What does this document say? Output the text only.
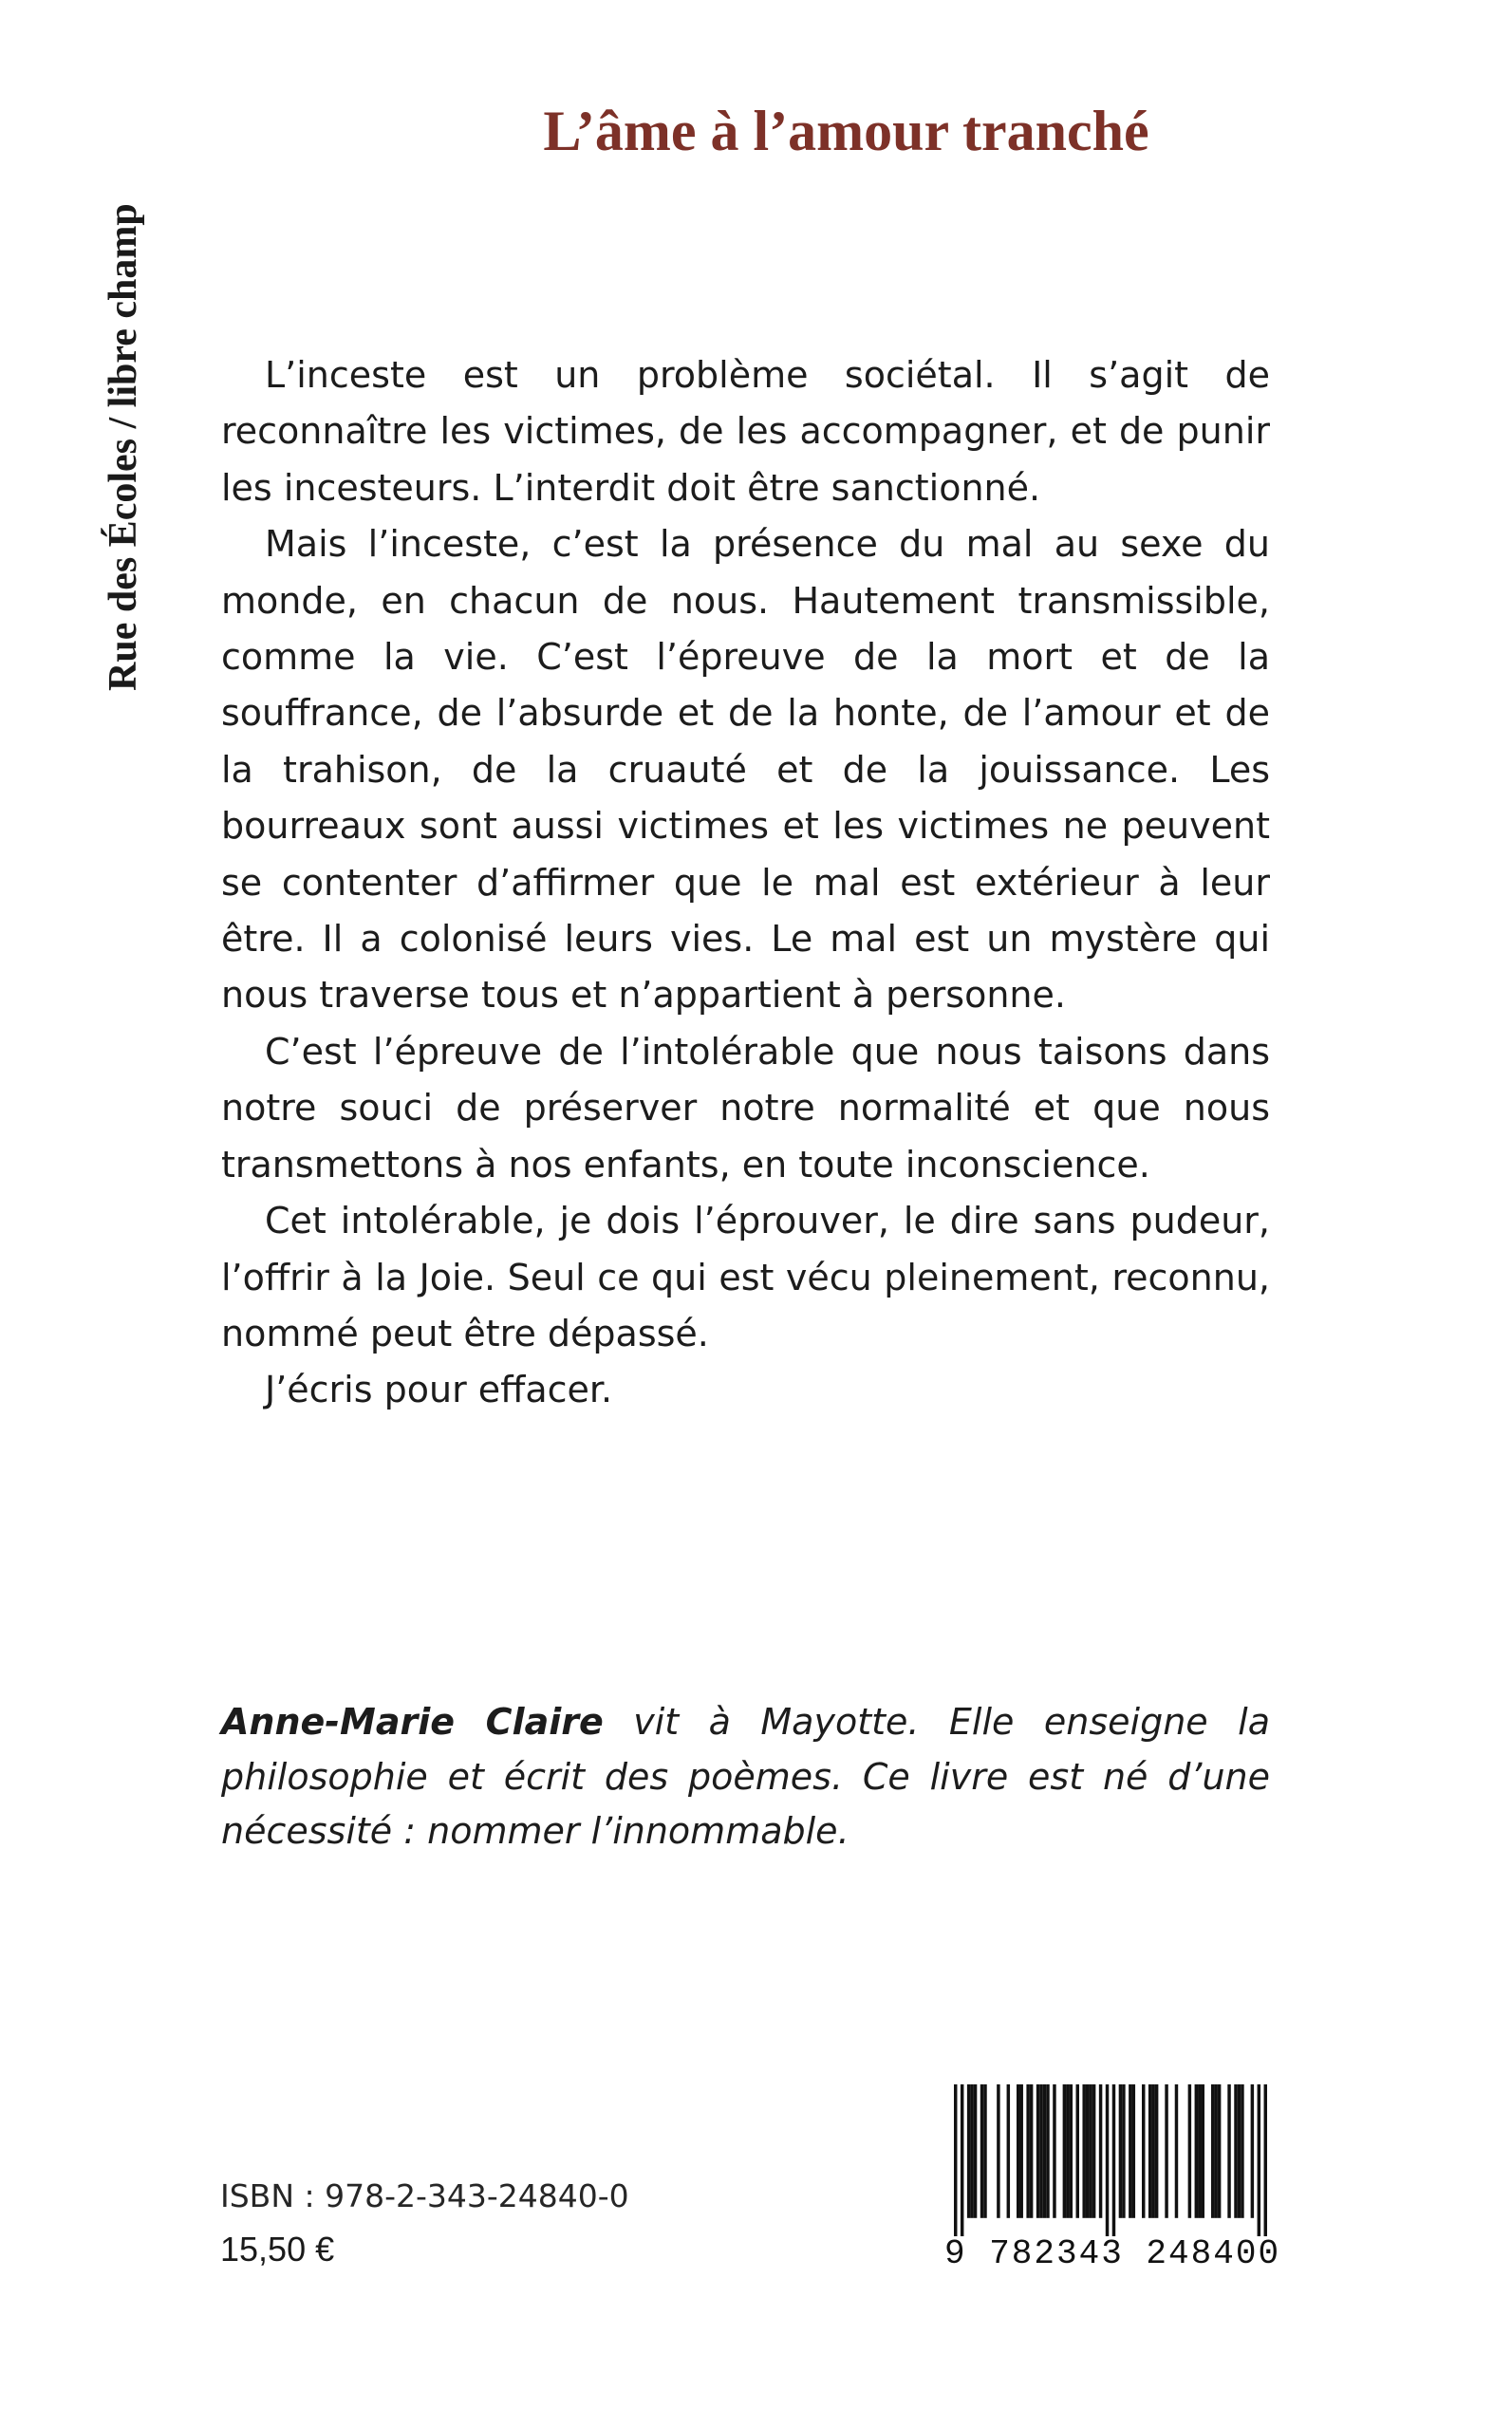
Rue des Écoles / libre champ
L’âme à l’amour tranché

L’inceste est un problème sociétal. Il s’agit de reconnaître les victimes, de les accompagner, et de punir les incesteurs. L’interdit doit être sanctionné.

Mais l’inceste, c’est la présence du mal au sexe du monde, en chacun de nous. Hautement transmissible, comme la vie. C’est l’épreuve de la mort et de la souffrance, de l’absurde et de la honte, de l’amour et de la trahison, de la cruauté et de la jouissance. Les bourreaux sont aussi victimes et les victimes ne peuvent se contenter d’affirmer que le mal est extérieur à leur être. Il a colonisé leurs vies. Le mal est un mystère qui nous traverse tous et n’appartient à personne.

C’est l’épreuve de l’intolérable que nous taisons dans notre souci de préserver notre normalité et que nous transmettons à nos enfants, en toute inconscience.

Cet intolérable, je dois l’éprouver, le dire sans pudeur, l’offrir à la Joie. Seul ce qui est vécu pleinement, reconnu, nommé peut être dépassé.

J’écris pour effacer.

Anne-Marie Claire vit à Mayotte. Elle enseigne la philosophie et écrit des poèmes. Ce livre est né d’une nécessité : nommer l’innommable.
ISBN : 978-2-343-24840-0
15,50 €	9 782343 248400
